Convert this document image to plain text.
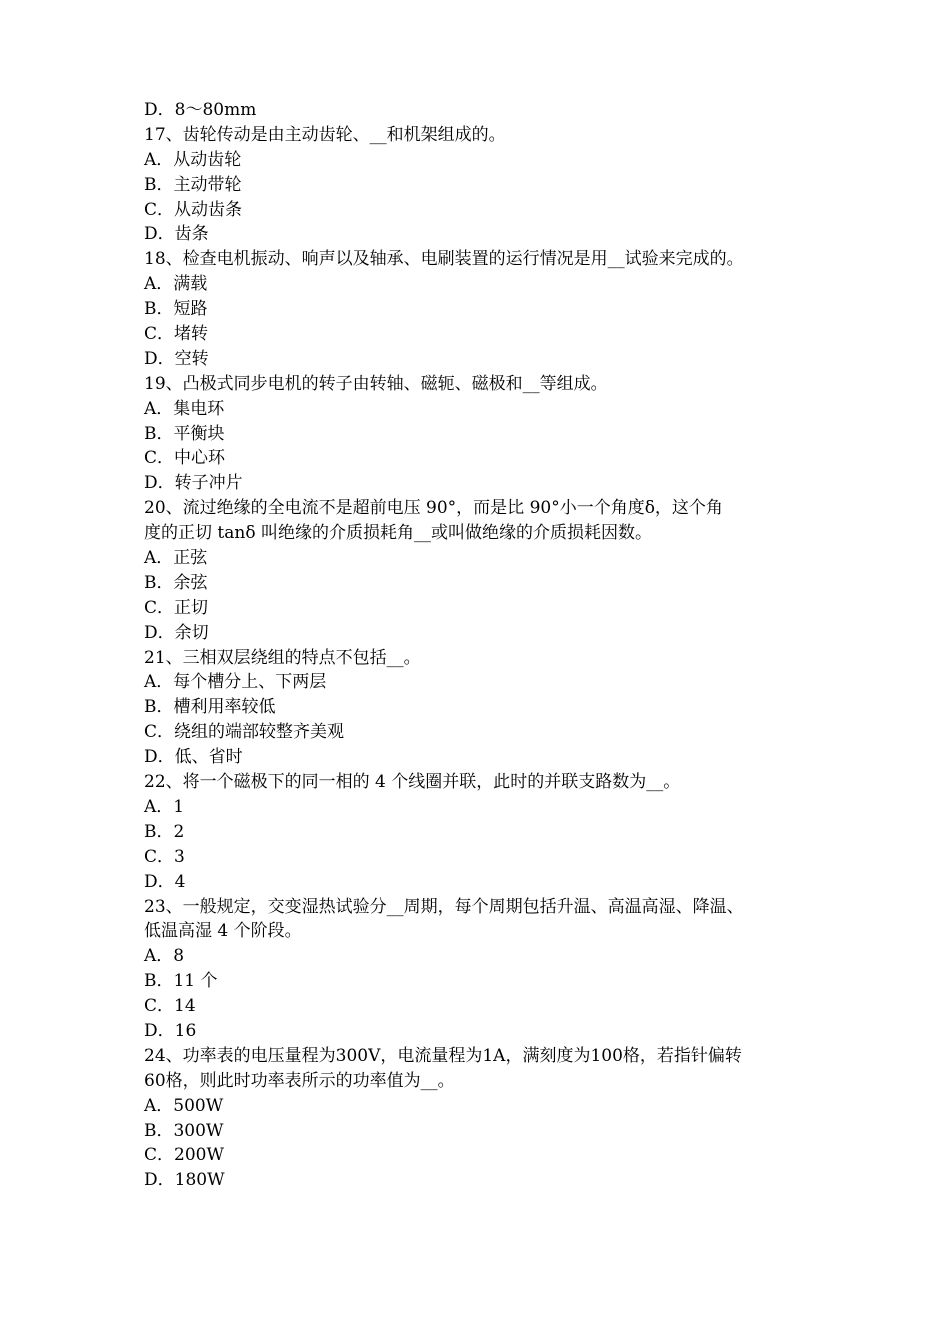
D．8～80mm
17、齿轮传动是由主动齿轮、__和机架组成的。
A．从动齿轮
B．主动带轮
C．从动齿条
D．齿条
18、检查电机振动、响声以及轴承、电刷装置的运行情况是用__试验来完成的。
A．满载
B．短路
C．堵转
D．空转
19、凸极式同步电机的转子由转轴、磁轭、磁极和__等组成。
A．集电环
B．平衡块
C．中心环
D．转子冲片
20、流过绝缘的全电流不是超前电压 90°，而是比 90°小一个角度δ，这个角
度的正切 tanδ 叫绝缘的介质损耗角__或叫做绝缘的介质损耗因数。
A．正弦
B．余弦
C．正切
D．余切
21、三相双层绕组的特点不包括__。
A．每个槽分上、下两层
B．槽利用率较低
C．绕组的端部较整齐美观
D．低、省时
22、将一个磁极下的同一相的 4 个线圈并联，此时的并联支路数为__。
A．1
B．2
C．3
D．4
23、一般规定，交变湿热试验分__周期，每个周期包括升温、高温高湿、降温、
低温高湿 4 个阶段。
A．8
B．11 个
C．14
D．16
24、功率表的电压量程为300V，电流量程为1A，满刻度为100格，若指针偏转
60格，则此时功率表所示的功率值为__。
A．500W
B．300W
C．200W
D．180W
